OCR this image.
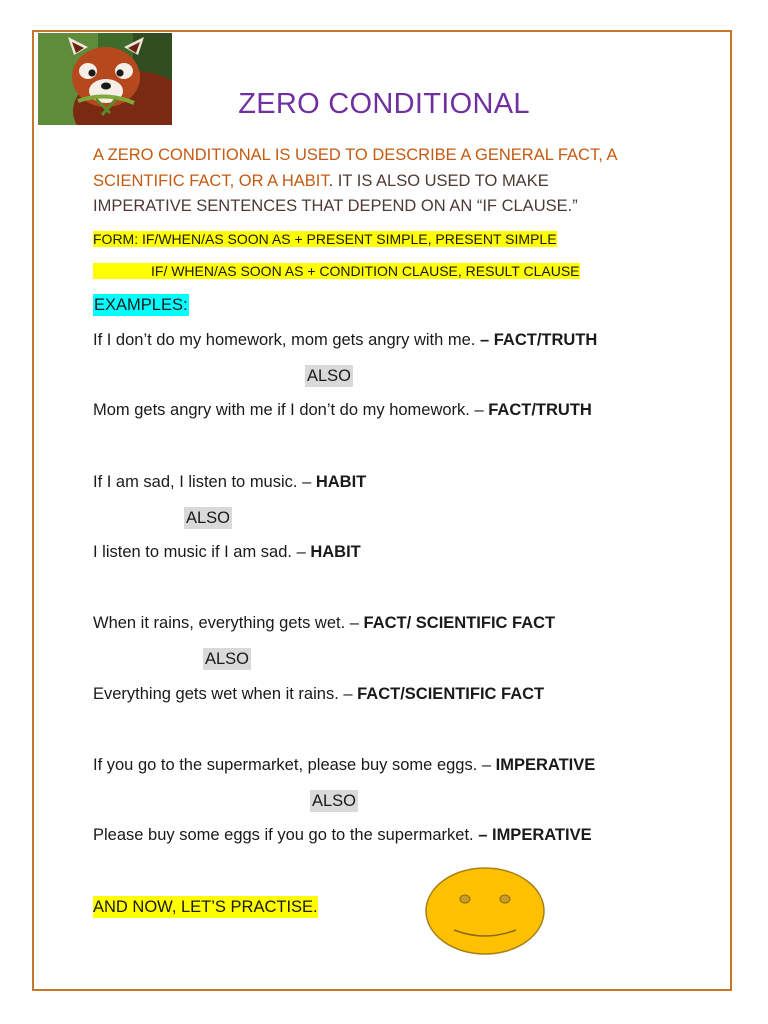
ZERO CONDITIONAL
A ZERO CONDITIONAL IS USED TO DESCRIBE A GENERAL FACT, A
SCIENTIFIC FACT, OR A HABIT. IT IS ALSO USED TO MAKE
IMPERATIVE SENTENCES THAT DEPEND ON AN “IF CLAUSE.”
FORM: IF/WHEN/AS SOON AS + PRESENT SIMPLE, PRESENT SIMPLE
IF/ WHEN/AS SOON AS + CONDITION CLAUSE, RESULT CLAUSE
EXAMPLES:
If I don’t do my homework, mom gets angry with me. – FACT/TRUTH
ALSO
Mom gets angry with me if I don’t do my homework. – FACT/TRUTH
If I am sad, I listen to music. – HABIT
ALSO
I listen to music if I am sad. – HABIT
When it rains, everything gets wet. – FACT/ SCIENTIFIC FACT
ALSO
Everything gets wet when it rains. – FACT/SCIENTIFIC FACT
If you go to the supermarket, please buy some eggs. – IMPERATIVE
ALSO
Please buy some eggs if you go to the supermarket. – IMPERATIVE
AND NOW, LET’S PRACTISE.
